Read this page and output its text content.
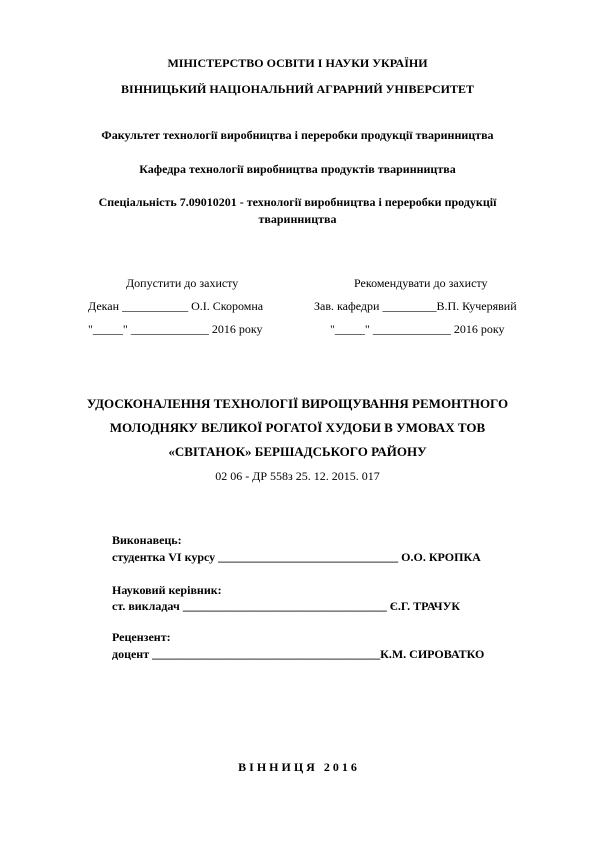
МІНІСТЕРСТВО ОСВІТИ І НАУКИ УКРАЇНИ
ВІННИЦЬКИЙ НАЦІОНАЛЬНИЙ АГРАРНИЙ УНІВЕРСИТЕТ
Факультет технології виробництва і переробки продукції тваринництва
Кафедра технології виробництва продуктів тваринництва
Спеціальність 7.09010201 - технології виробництва і переробки продукції
тваринництва
Допустити до захисту
Декан ___________ О.І. Скоромна
"_____" _____________ 2016 року
Рекомендувати до захисту
Зав. кафедри _________В.П. Кучерявий
"_____" _____________ 2016 року
УДОСКОНАЛЕННЯ ТЕХНОЛОГІЇ ВИРОЩУВАННЯ РЕМОНТНОГО
МОЛОДНЯКУ ВЕЛИКОЇ РОГАТОЇ ХУДОБИ В УМОВАХ ТОВ
«СВІТАНОК» БЕРШАДСЬКОГО РАЙОНУ
02 06 - ДР 558з 25. 12. 2015. 017
Виконавець:
студентка VI курсу ______________________________ О.О. КРОПКА
Науковий керівник:
ст. викладач __________________________________ Є.Г. ТРАЧУК
Рецензент:
доцент ______________________________________К.М. СИРОВАТКО
В І Н Н И Ц Я   2 0 1 6
